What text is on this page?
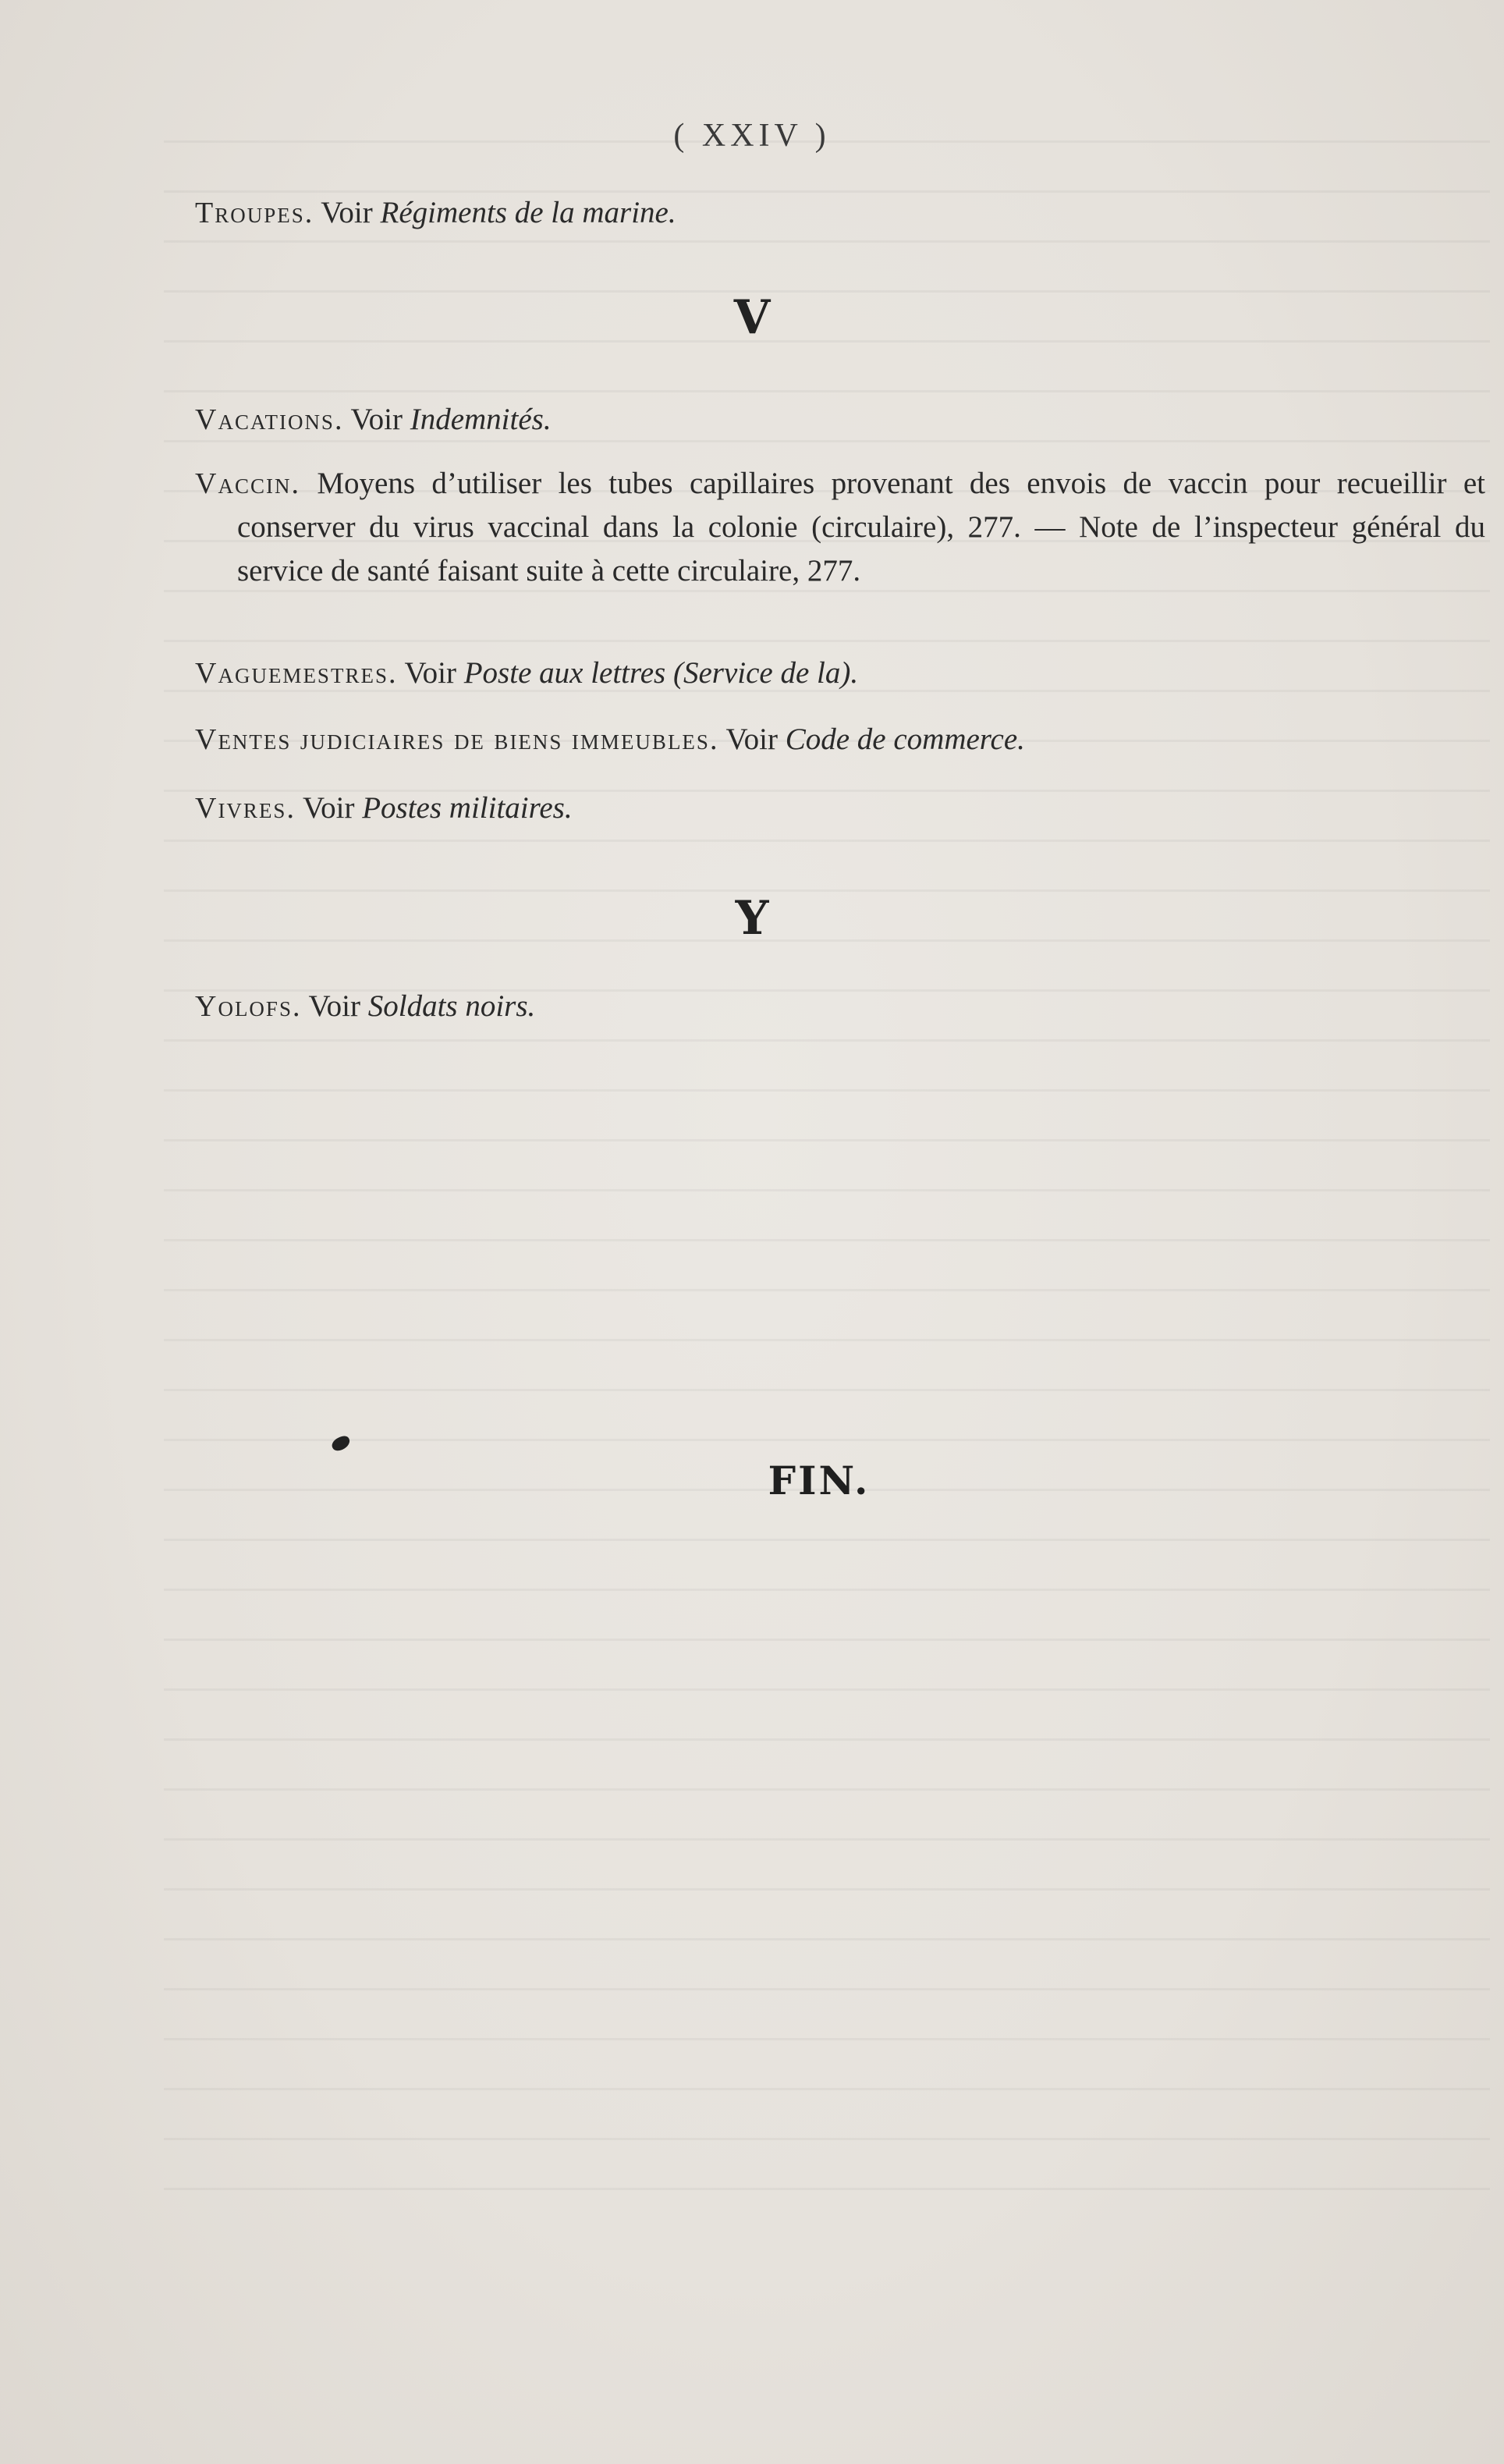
( XXIV )
Troupes. Voir Régiments de la marine.
V
Vacations. Voir Indemnités.
Vaccin. Moyens d’utiliser les tubes capillaires provenant des envois de vaccin pour recueillir et conserver du virus vaccinal dans la colonie (circulaire), 277. — Note de l’inspecteur général du service de santé faisant suite à cette circulaire, 277.
Vaguemestres. Voir Poste aux lettres (Service de la).
Ventes judiciaires de biens immeubles. Voir Code de commerce.
Vivres. Voir Postes militaires.
Y
Yolofs. Voir Soldats noirs.
FIN.
